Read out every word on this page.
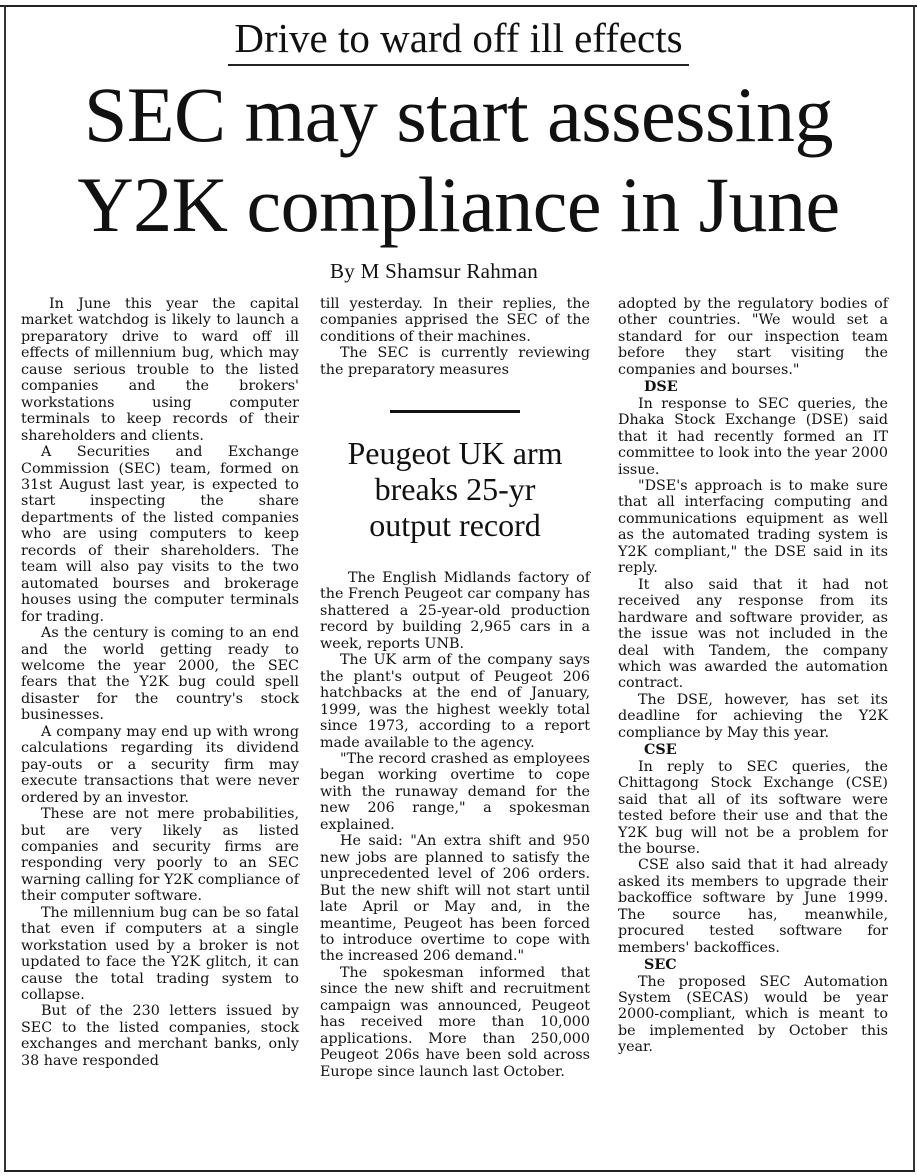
Drive to ward off ill effects
SEC may start assessing
Y2K compliance in June
By M Shamsur Rahman

In June this year the capital market watchdog is likely to launch a preparatory drive to ward off ill effects of millennium bug, which may cause serious trouble to the listed companies and the brokers' workstations using computer terminals to keep records of their shareholders and clients.

A Securities and Exchange Commission (SEC) team, formed on 31st August last year, is expected to start inspecting the share departments of the listed companies who are using computers to keep records of their shareholders. The team will also pay visits to the two automated bourses and brokerage houses using the computer terminals for trading.

As the century is coming to an end and the world getting ready to welcome the year 2000, the SEC fears that the Y2K bug could spell disaster for the country's stock businesses.

A company may end up with wrong calculations regarding its dividend pay-outs or a security firm may execute transactions that were never ordered by an investor.

These are not mere probabilities, but are very likely as listed companies and security firms are responding very poorly to an SEC warning calling for Y2K compliance of their computer software.

The millennium bug can be so fatal that even if computers at a single workstation used by a broker is not updated to face the Y2K glitch, it can cause the total trading system to collapse.

But of the 230 letters issued by SEC to the listed companies, stock exchanges and merchant banks, only 38 have responded

till yesterday. In their replies, the companies apprised the SEC of the conditions of their machines.

The SEC is currently reviewing the preparatory measures

Peugeot UK arm
breaks 25-yr
output record

The English Midlands factory of the French Peugeot car company has shattered a 25-year-old production record by building 2,965 cars in a week, reports UNB.

The UK arm of the company says the plant's output of Peugeot 206 hatchbacks at the end of January, 1999, was the highest weekly total since 1973, according to a report made available to the agency.

"The record crashed as employees began working overtime to cope with the runaway demand for the new 206 range," a spokesman explained.

He said: "An extra shift and 950 new jobs are planned to satisfy the unprecedented level of 206 orders. But the new shift will not start until late April or May and, in the meantime, Peugeot has been forced to introduce overtime to cope with the increased 206 demand."

The spokesman informed that since the new shift and recruitment campaign was announced, Peugeot has received more than 10,000 applications. More than 250,000 Peugeot 206s have been sold across Europe since launch last October.

adopted by the regulatory bodies of other countries. "We would set a standard for our inspection team before they start visiting the companies and bourses."

DSE

In response to SEC queries, the Dhaka Stock Exchange (DSE) said that it had recently formed an IT committee to look into the year 2000 issue.

"DSE's approach is to make sure that all interfacing computing and communications equipment as well as the automated trading system is Y2K compliant," the DSE said in its reply.

It also said that it had not received any response from its hardware and software provider, as the issue was not included in the deal with Tandem, the company which was awarded the automation contract.

The DSE, however, has set its deadline for achieving the Y2K compliance by May this year.

CSE

In reply to SEC queries, the Chittagong Stock Exchange (CSE) said that all of its software were tested before their use and that the Y2K bug will not be a problem for the bourse.

CSE also said that it had already asked its members to upgrade their backoffice software by June 1999. The source has, meanwhile, procured tested software for members' backoffices.

SEC

The proposed SEC Automation System (SECAS) would be year 2000-compliant, which is meant to be implemented by October this year.
